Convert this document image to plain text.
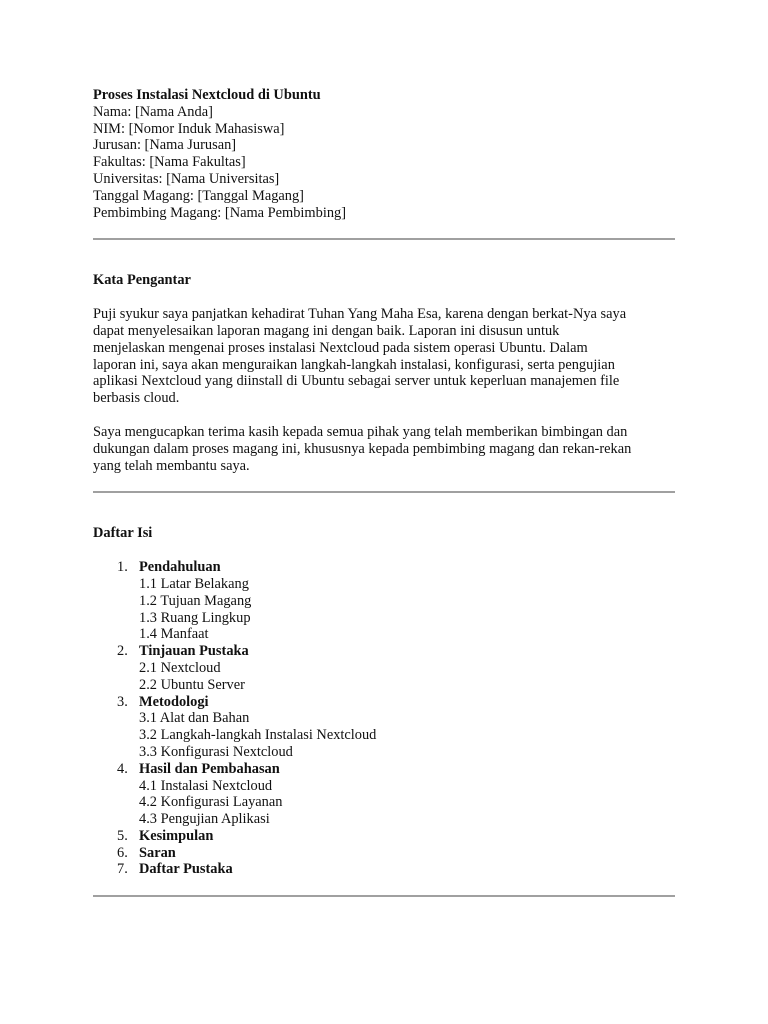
Proses Instalasi Nextcloud di Ubuntu
Nama: [Nama Anda]
NIM: [Nomor Induk Mahasiswa]
Jurusan: [Nama Jurusan]
Fakultas: [Nama Fakultas]
Universitas: [Nama Universitas]
Tanggal Magang: [Tanggal Magang]
Pembimbing Magang: [Nama Pembimbing]
Kata Pengantar
Puji syukur saya panjatkan kehadirat Tuhan Yang Maha Esa, karena dengan berkat-Nya saya
dapat menyelesaikan laporan magang ini dengan baik. Laporan ini disusun untuk
menjelaskan mengenai proses instalasi Nextcloud pada sistem operasi Ubuntu. Dalam
laporan ini, saya akan menguraikan langkah-langkah instalasi, konfigurasi, serta pengujian
aplikasi Nextcloud yang diinstall di Ubuntu sebagai server untuk keperluan manajemen file
berbasis cloud.
Saya mengucapkan terima kasih kepada semua pihak yang telah memberikan bimbingan dan
dukungan dalam proses magang ini, khususnya kepada pembimbing magang dan rekan-rekan
yang telah membantu saya.
Daftar Isi
1. Pendahuluan
1.1 Latar Belakang
1.2 Tujuan Magang
1.3 Ruang Lingkup
1.4 Manfaat
2. Tinjauan Pustaka
2.1 Nextcloud
2.2 Ubuntu Server
3. Metodologi
3.1 Alat dan Bahan
3.2 Langkah-langkah Instalasi Nextcloud
3.3 Konfigurasi Nextcloud
4. Hasil dan Pembahasan
4.1 Instalasi Nextcloud
4.2 Konfigurasi Layanan
4.3 Pengujian Aplikasi
5. Kesimpulan
6. Saran
7. Daftar Pustaka
